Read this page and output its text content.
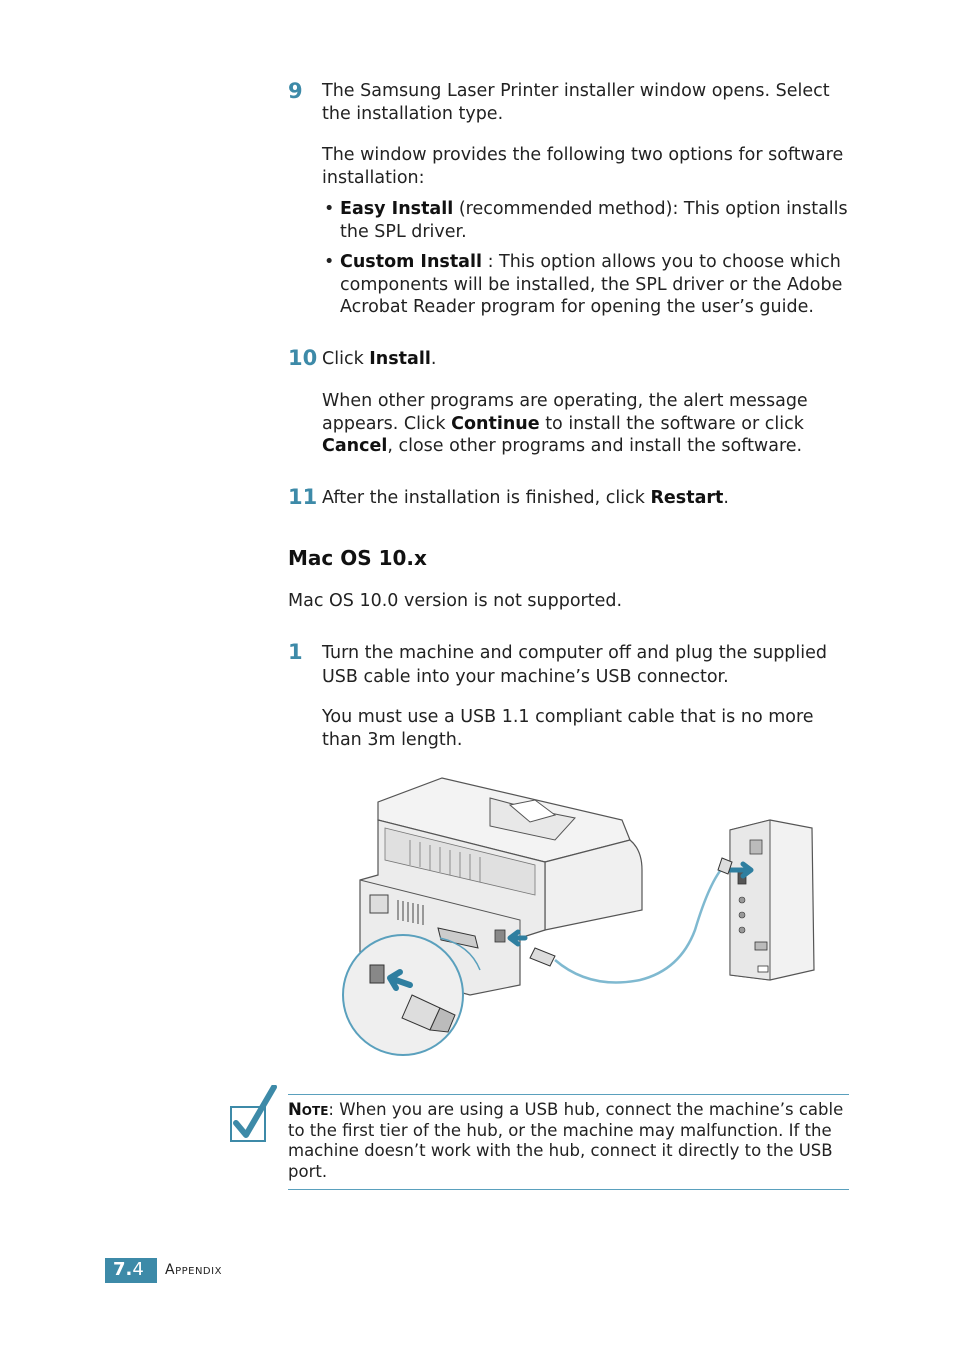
9 The Samsung Laser Printer installer window opens. Select the installation type.
The window provides the following two options for software installation:
• Easy Install (recommended method): This option installs the SPL driver.
• Custom Install : This option allows you to choose which components will be installed, the SPL driver or the Adobe Acrobat Reader program for opening the user’s guide.
10 Click Install.
When other programs are operating, the alert message appears. Click Continue to install the software or click Cancel, close other programs and install the software.
11 After the installation is finished, click Restart.
Mac OS 10.x
Mac OS 10.0 version is not supported.
1 Turn the machine and computer off and plug the supplied
USB cable into your machine’s USB connector.
You must use a USB 1.1 compliant cable that is no more than 3m length.
Note: When you are using a USB hub, connect the machine’s cable to the first tier of the hub, or the machine may malfunction. If the machine doesn’t work with the hub, connect it directly to the USB port.
7.4 Appendix
